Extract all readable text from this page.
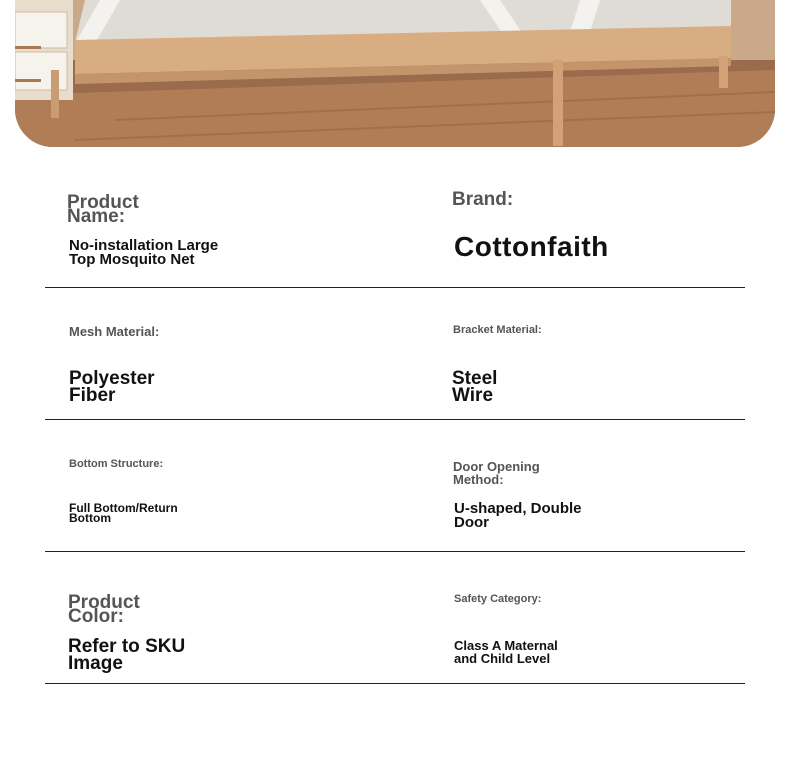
Product
Name:
No-installation Large
Top Mosquito Net
Brand:
Cottonfaith
Mesh Material:
Polyester
Fiber
Bracket Material:
Steel
Wire
Bottom Structure:
Full Bottom/Return
Bottom
Door Opening
Method:
U-shaped, Double
Door
Product
Color:
Refer to SKU
Image
Safety Category:
Class A Maternal
and Child Level
